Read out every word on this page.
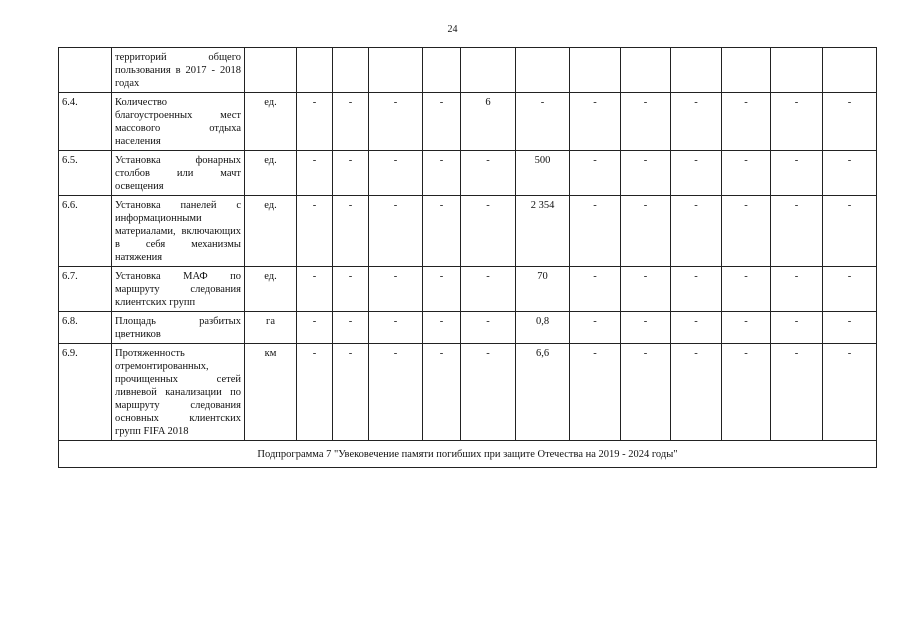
24
	территорий общего пользования в 2017 - 2018 годах														
6.4.	Количество благоустроенных мест массового отдыха населения	ед.	-	-	-	-	6	-	-	-	-	-	-	-	
6.5.	Установка фонарных столбов или мачт освещения	ед.	-	-	-	-	-	500	-	-	-	-	-	-	
6.6.	Установка панелей с информационными материалами, включающих в себя механизмы натяжения	ед.	-	-	-	-	-	2 354	-	-	-	-	-	-	
6.7.	Установка МАФ по маршруту следования клиентских групп	ед.	-	-	-	-	-	70	-	-	-	-	-	-	
6.8.	Площадь разбитых цветников	га	-	-	-	-	-	0,8	-	-	-	-	-	-	
6.9.	Протяженность отремонтированных, прочищенных сетей ливневой канализации по маршруту следования основных клиентских групп FIFA 2018	км	-	-	-	-	-	6,6	-	-	-	-	-	-	
Подпрограмма 7 "Увековечение памяти погибших при защите Отечества на 2019 - 2024 годы"															
